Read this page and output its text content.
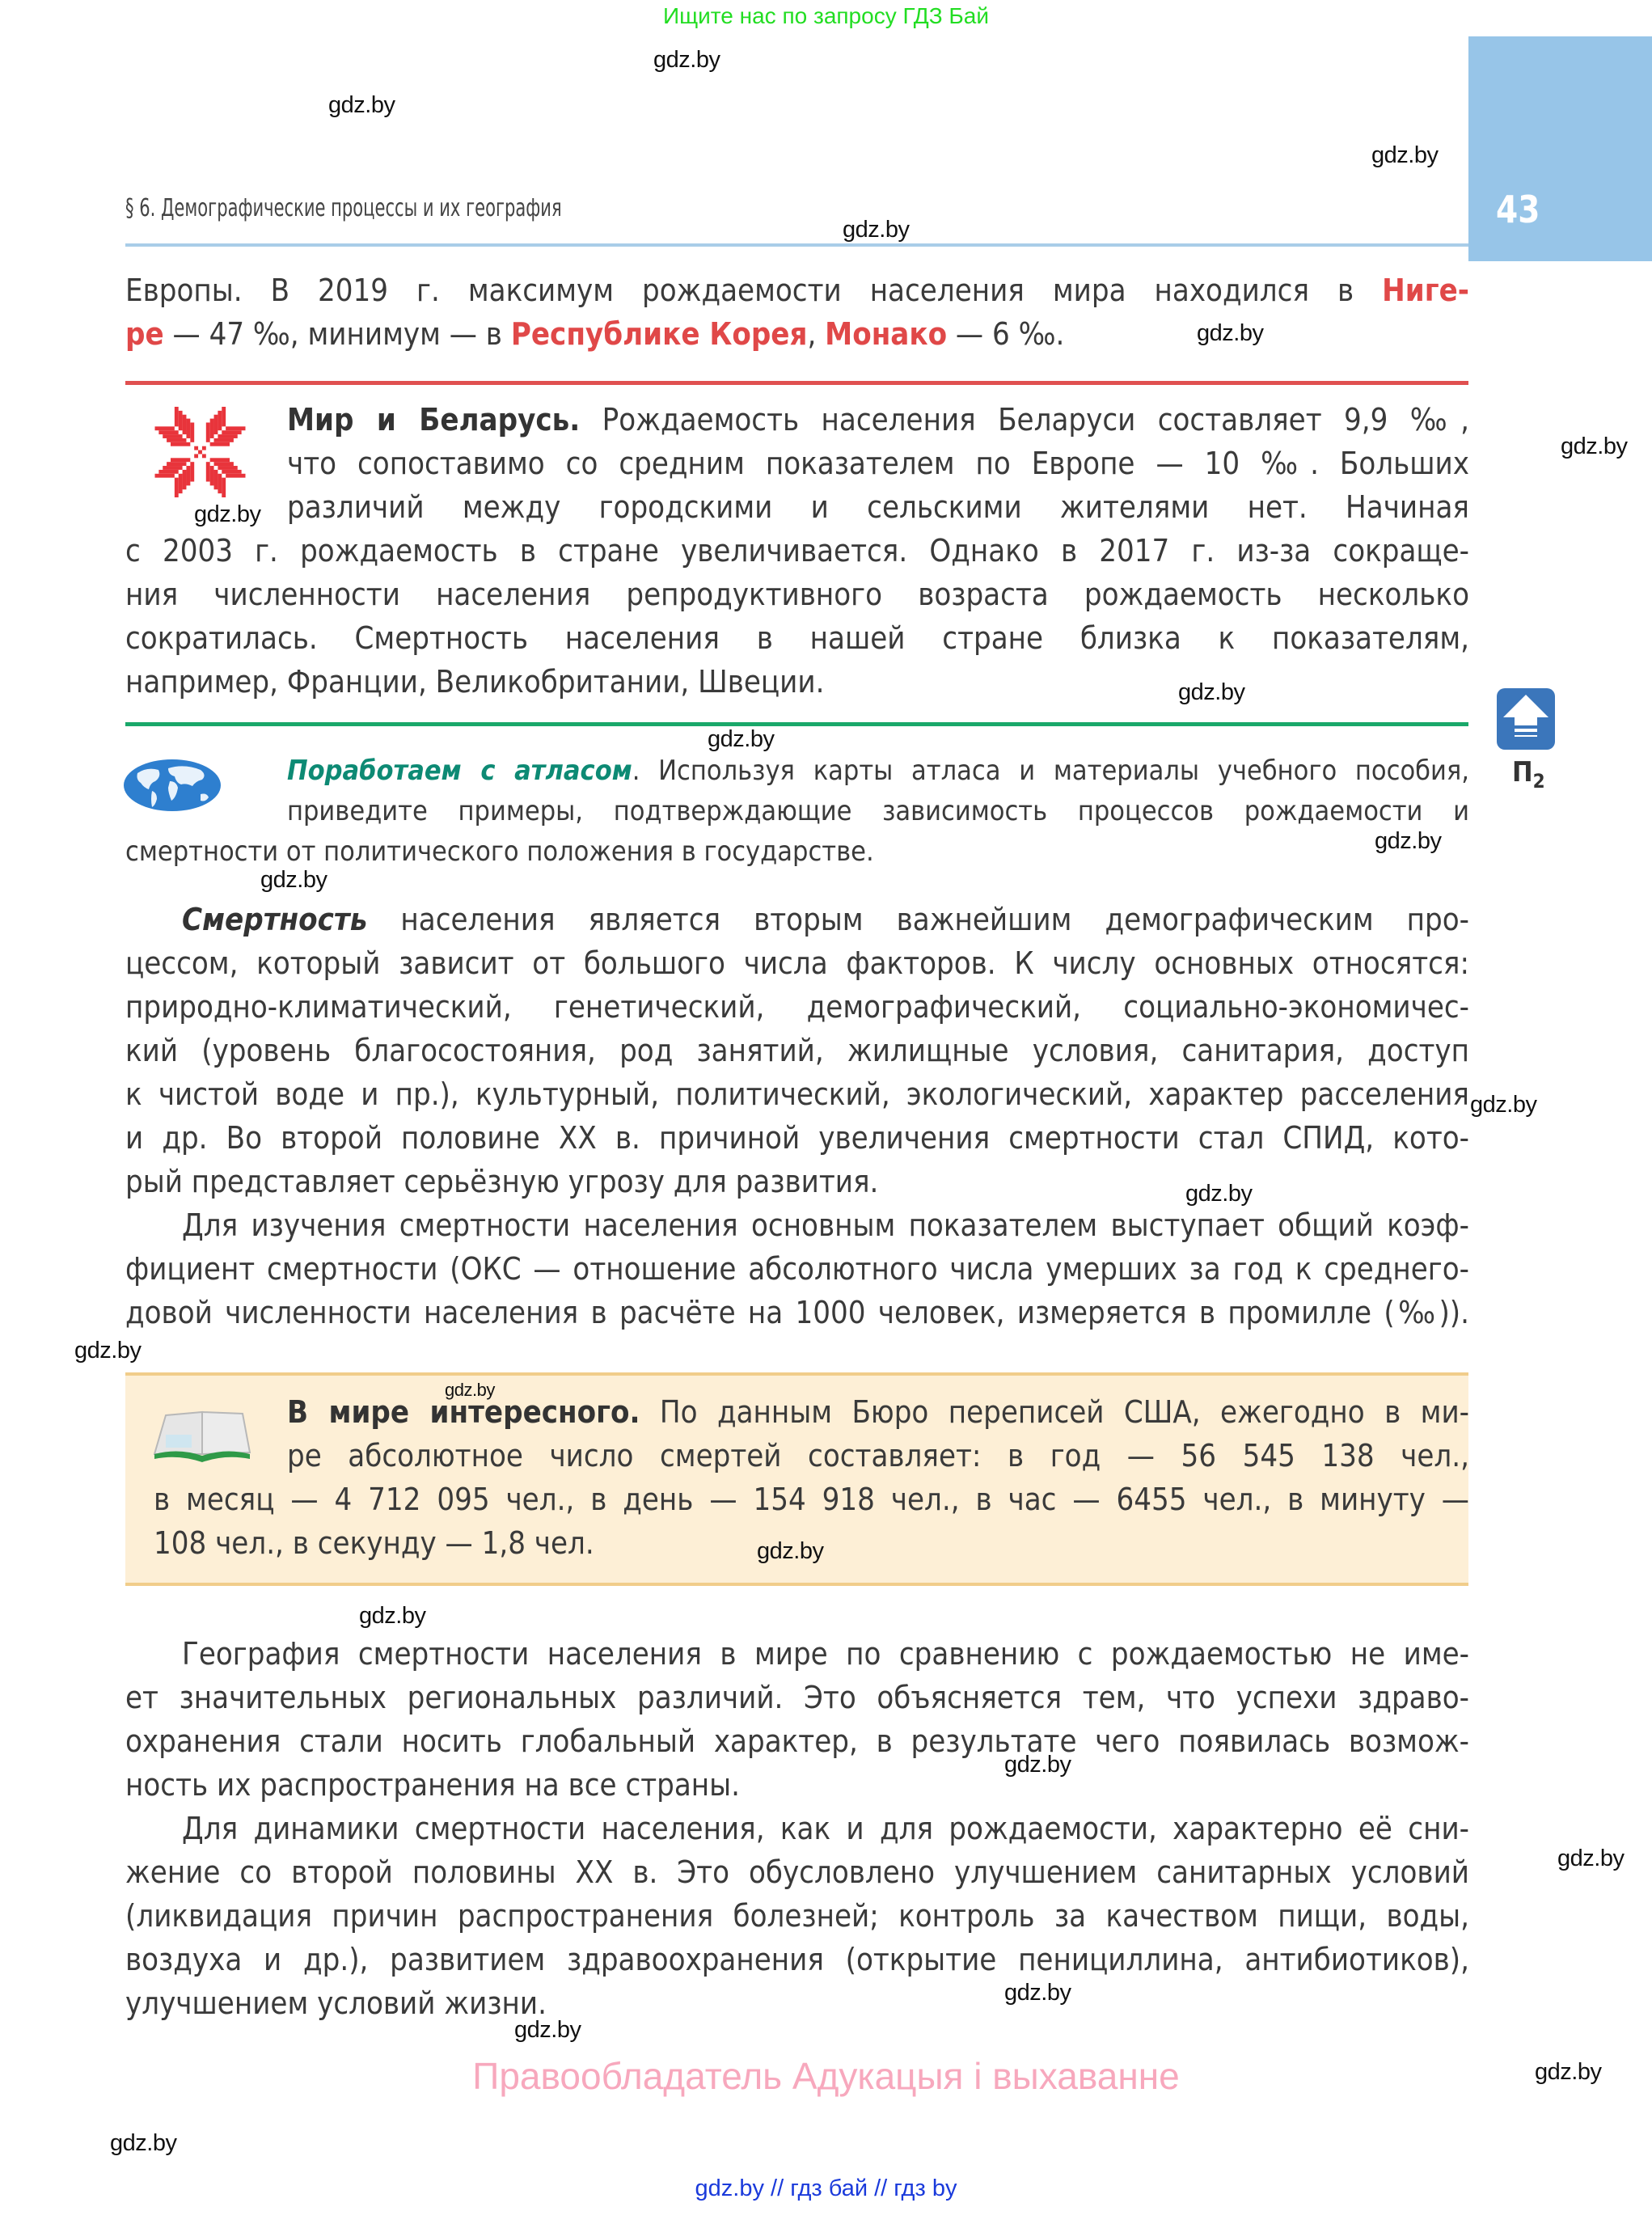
Ищите нас по запросу ГДЗ Бай
43
§ 6. Демографические процессы и их география
Европы. В 2019 г. максимум рождаемости населения мира находился в Ниге-
ре — 47 ‰, минимум — в Республике Корея, Монако — 6 ‰.
Мир и Беларусь. Рождаемость населения Беларуси составляет 9,9 ‰,
что сопоставимо со средним показателем по Европе — 10 ‰. Больших
различий между городскими и сельскими жителями нет. Начиная
с 2003 г. рождаемость в стране увеличивается. Однако в 2017 г. из-за сокраще-
ния численности населения репродуктивного возраста рождаемость несколько
сократилась. Смертность населения в нашей стране близка к показателям,
например, Франции, Великобритании, Швеции.
Поработаем с атласом. Используя карты атласа и материалы учебного пособия,
приведите примеры, подтверждающие зависимость процессов рождаемости и
смертности от политического положения в государстве.
$П_2$
Смертность населения является вторым важнейшим демографическим про-
цессом, который зависит от большого числа факторов. К числу основных относятся:
природно-климатический, генетический, демографический, социально-экономичес-
кий (уровень благосостояния, род занятий, жилищные условия, санитария, доступ
к чистой воде и пр.), культурный, политический, экологический, характер расселения
и др. Во второй половине XX в. причиной увеличения смертности стал СПИД, кото-
рый представляет серьёзную угрозу для развития.
Для изучения смертности населения основным показателем выступает общий коэф-
фициент смертности (ОКС — отношение абсолютного числа умерших за год к среднего-
довой численности населения в расчёте на 1000 человек, измеряется в промилле (‰)).
В мире интересного. По данным Бюро переписей США, ежегодно в ми-
ре абсолютное число смертей составляет: в год — 56 545 138 чел.,
в месяц — 4 712 095 чел., в день — 154 918 чел., в час — 6455 чел., в минуту —
108 чел., в секунду — 1,8 чел.
География смертности населения в мире по сравнению с рождаемостью не име-
ет значительных региональных различий. Это объясняется тем, что успехи здраво-
охранения стали носить глобальный характер, в результате чего появилась возмож-
ность их распространения на все страны.
Для динамики смертности населения, как и для рождаемости, характерно её сни-
жение со второй половины XX в. Это обусловлено улучшением санитарных условий
(ликвидация причин распространения болезней; контроль за качеством пищи, воды,
воздуха и др.), развитием здравоохранения (открытие пенициллина, антибиотиков),
улучшением условий жизни.
Правообладатель Адукацыя і выхаванне
gdz.by // гдз бай // гдз by
gdz.by
gdz.by
gdz.by
gdz.by
gdz.by
gdz.by
gdz.by
gdz.by
gdz.by
gdz.by
gdz.by
gdz.by
gdz.by
gdz.by
gdz.by
gdz.by
gdz.by
gdz.by
gdz.by
gdz.by
gdz.by
gdz.by
gdz.by
